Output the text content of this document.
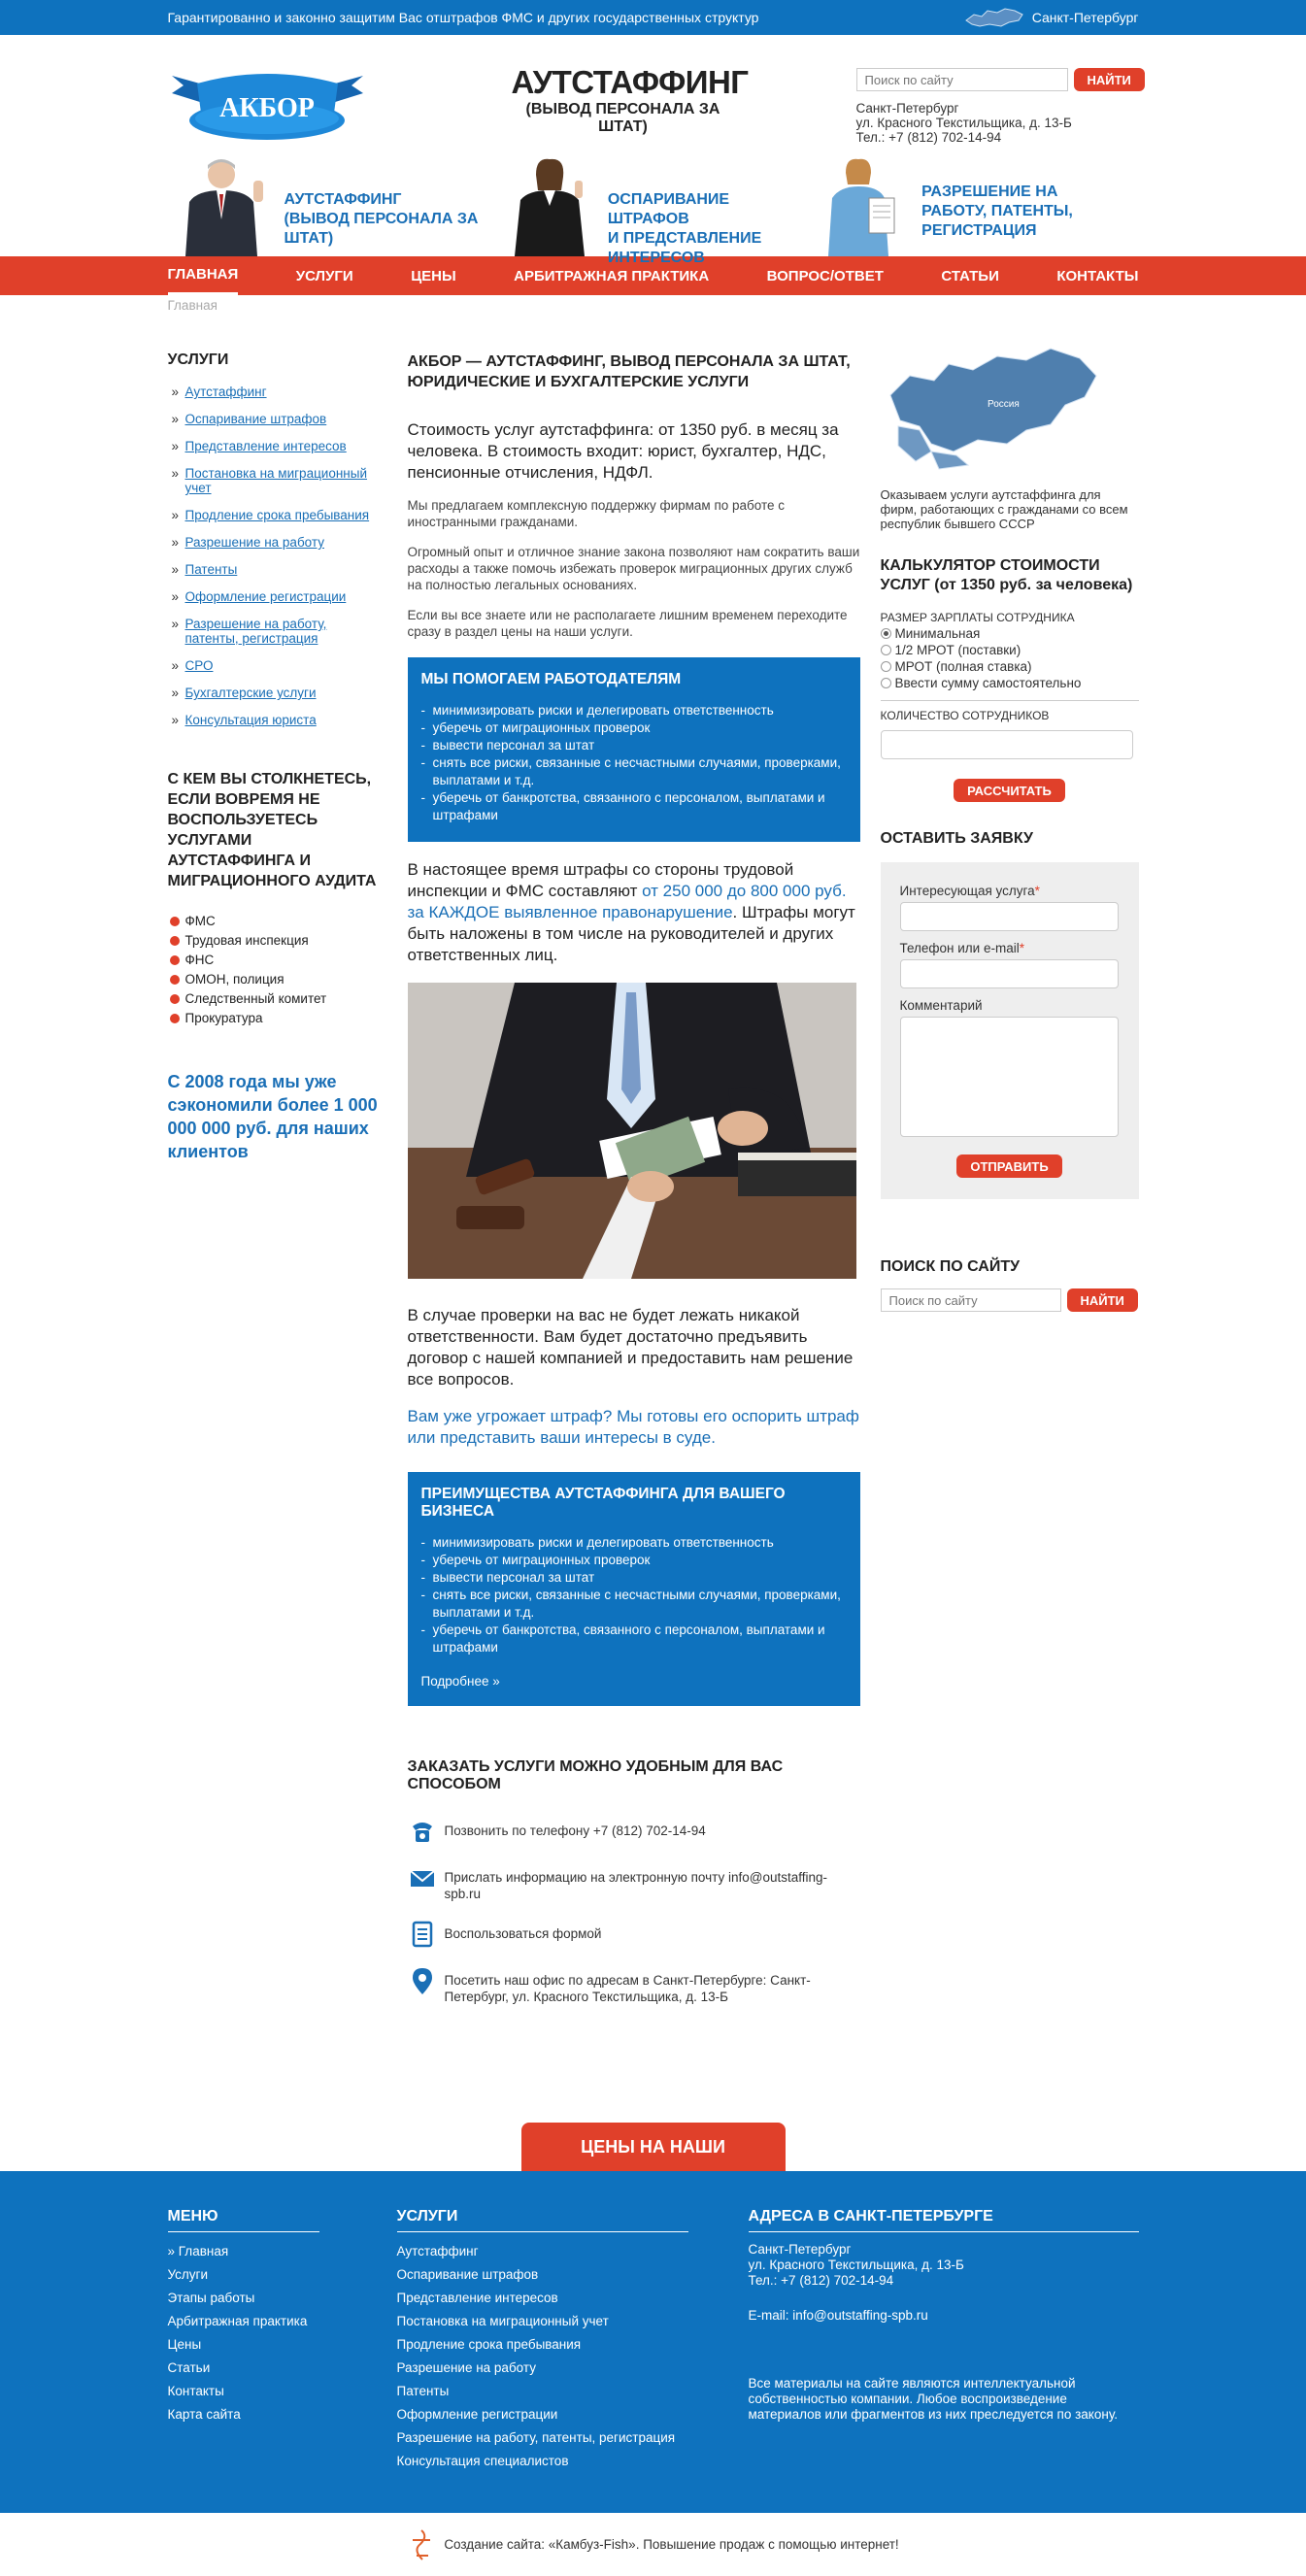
Гарантированно и законно защитим Вас отштрафов ФМС и других государственных структур	Санкт-Петербург
АКБОР
АУТСТАФФИНГ
(ВЫВОД ПЕРСОНАЛА ЗА ШТАТ)
Поиск по сайту
НАЙТИ
Санкт-Петербург
ул. Красного Текстильщика, д. 13-Б
Тел.: +7 (812) 702-14-94
АУТСТАФФИНГ
(ВЫВОД ПЕРСОНАЛА ЗА ШТАТ)
ОСПАРИВАНИЕ ШТРАФОВ
И ПРЕДСТАВЛЕНИЕ ИНТЕРЕСОВ
РАЗРЕШЕНИЕ НА
РАБОТУ, ПАТЕНТЫ,
РЕГИСТРАЦИЯ
ГЛАВНАЯ	УСЛУГИ	ЦЕНЫ	АРБИТРАЖНАЯ ПРАКТИКА	ВОПРОС/ОТВЕТ	СТАТЬИ	КОНТАКТЫ
Главная
УСЛУГИ
» Аутстаффинг
» Оспаривание штрафов
» Представление интересов
» Постановка на миграционный учет
» Продление срока пребывания
» Разрешение на работу
» Патенты
» Оформление регистрации
» Разрешение на работу, патенты, регистрация
» СРО
» Бухгалтерские услуги
» Консультация юриста
С КЕМ ВЫ СТОЛКНЕТЕСЬ, ЕСЛИ ВОВРЕМЯ НЕ ВОСПОЛЬЗУЕТЕСЬ УСЛУГАМИ АУТСТАФФИНГА И МИГРАЦИОННОГО АУДИТА
ФМС
Трудовая инспекция
ФНС
ОМОН, полиция
Следственный комитет
Прокуратура
С 2008 года мы уже сэкономили более 1 000 000 000 руб. для наших клиентов
АКБОР — АУТСТАФФИНГ, ВЫВОД ПЕРСОНАЛА ЗА ШТАТ, ЮРИДИЧЕСКИЕ И БУХГАЛТЕРСКИЕ УСЛУГИ
Стоимость услуг аутстаффинга: от 1350 руб. в месяц за человека. В стоимость входит: юрист, бухгалтер, НДС, пенсионные отчисления, НДФЛ.

Мы предлагаем комплексную поддержку фирмам по работе с иностранными гражданами.

Огромный опыт и отличное знание закона позволяют нам сократить ваши расходы а также помочь избежать проверок миграционных других служб на полностью легальных основаниях.

Если вы все знаете или не располагаете лишним временем переходите сразу в раздел цены на наши услуги.

МЫ ПОМОГАЕМ РАБОТОДАТЕЛЯМ
- минимизировать риски и делегировать ответственность
- уберечь от миграционных проверок
- вывести персонал за штат
- снять все риски, связанные с несчастными случаями, проверками, выплатами и т.д.
- уберечь от банкротства, связанного с персоналом, выплатами и штрафами
В настоящее время штрафы со стороны трудовой инспекции и ФМС составляют от 250 000 до 800 000 руб. за КАЖДОЕ выявленное правонарушение. Штрафы могут быть наложены в том числе на руководителей и других ответственных лиц.
В случае проверки на вас не будет лежать никакой ответственности. Вам будет достаточно предъявить договор с нашей компанией и предоставить нам решение все вопросов.
Вам уже угрожает штраф? Мы готовы его оспорить штраф или представить ваши интересы в суде.
ПРЕИМУЩЕСТВА АУТСТАФФИНГА ДЛЯ ВАШЕГО БИЗНЕСА
- минимизировать риски и делегировать ответственность
- уберечь от миграционных проверок
- вывести персонал за штат
- снять все риски, связанные с несчастными случаями, проверками, выплатами и т.д.
- уберечь от банкротства, связанного с персоналом, выплатами и штрафами
Подробнее »
ЗАКАЗАТЬ УСЛУГИ МОЖНО УДОБНЫМ ДЛЯ ВАС СПОСОБОМ
Позвонить по телефону +7 (812) 702-14-94
Прислать информацию на электронную почту info@outstaffing-spb.ru
Воспользоваться формой
Посетить наш офис по адресам в Санкт-Петербурге: Санкт-Петербург, ул. Красного Текстильщика, д. 13-Б
Россия
Оказываем услуги аутстаффинга для фирм, работающих с гражданами со всем республик бывшего СССР
КАЛЬКУЛЯТОР СТОИМОСТИ УСЛУГ (от 1350 руб. за человека)
РАЗМЕР ЗАРПЛАТЫ СОТРУДНИКА
Минимальная
1/2 МРОТ (поставки)
МРОТ (полная ставка)
Ввести сумму самостоятельно
КОЛИЧЕСТВО СОТРУДНИКОВ
РАССЧИТАТЬ
ОСТАВИТЬ ЗАЯВКУ
Интересующая услуга*
Телефон или e-mail*
Комментарий
ОТПРАВИТЬ
ПОИСК ПО САЙТУ
Поиск по сайту
НАЙТИ
ЦЕНЫ НА НАШИ
МЕНЮ
» Главная
Услуги
Этапы работы
Арбитражная практика
Цены
Статьи
Контакты
Карта сайта
УСЛУГИ
Аутстаффинг
Оспаривание штрафов
Представление интересов
Постановка на миграционный учет
Продление срока пребывания
Разрешение на работу
Патенты
Оформление регистрации
Разрешение на работу, патенты, регистрация
Консультация специалистов
АДРЕСА В САНКТ-ПЕТЕРБУРГЕ
Санкт-Петербург
ул. Красного Текстильщика, д. 13-Б
Тел.: +7 (812) 702-14-94
E-mail: info@outstaffing-spb.ru
Все материалы на сайте являются интеллектуальной собственностью компании. Любое воспроизведение материалов или фрагментов из них преследуется по закону.
Создание сайта: «Камбуз-Fish». Повышение продаж с помощью интернет!
